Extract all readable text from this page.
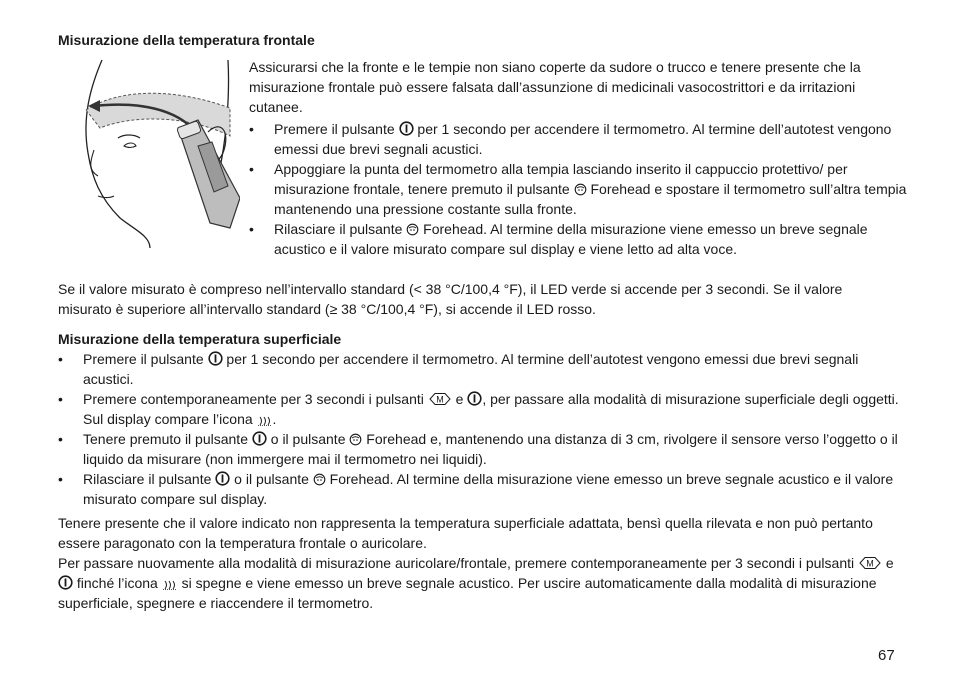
Misurazione della temperatura frontale

Assicurarsi che la fronte e le tempie non siano coperte da sudore o trucco e tenere presente che la misurazione frontale può essere falsata dall’assunzione di medicinali vasocostrittori e da irritazioni cutanee.

•	Premere il pulsante
per 1 secondo per accendere il termometro. Al termine dell’autotest vengono emessi due brevi segnali acustici.
•	Appoggiare la punta del termometro alla tempia lasciando inserito il cappuccio protettivo/ per misurazione frontale, tenere premuto il pulsante
Forehead e spostare il termometro sull’altra tempia mantenendo una pressione costante sulla fronte.
•	Rilasciare il pulsante
Forehead. Al termine della misurazione viene emesso un breve segnale acustico e il valore misurato compare sul display e viene letto ad alta voce.

Se il valore misurato è compreso nell’intervallo standard (< 38 °C/100,4 °F), il LED verde si accende per 3 secondi. Se il valore misurato è superiore all’intervallo standard (≥ 38 °C/100,4 °F), si accende il LED rosso.

Misurazione della temperatura superficiale
•	Premere il pulsante
per 1 secondo per accendere il termometro. Al termine dell’autotest vengono emessi due brevi segnali acustici.
•	Premere contemporaneamente per 3 secondi i pulsanti M e
, per passare alla modalità di misurazione superficiale degli oggetti. Sul display compare l’icona
.
•	Tenere premuto il pulsante
o il pulsante
Forehead e, mantenendo una distanza di 3 cm, rivolgere il sensore verso l’oggetto o il liquido da misurare (non immergere mai il termometro nei liquidi).
•	Rilasciare il pulsante
o il pulsante
Forehead. Al termine della misurazione viene emesso un breve segnale acustico e il valore misurato compare sul display.

Tenere presente che il valore indicato non rappresenta la temperatura superficiale adattata, bensì quella rilevata e non può pertanto essere paragonato con la temperatura frontale o auricolare.

Per passare nuovamente alla modalità di misurazione auricolare/frontale, premere contemporaneamente per 3 secondi i pulsanti M e
finché l’icona
si spegne e viene emesso un breve segnale acustico. Per uscire automaticamente dalla modalità di misurazione superficiale, spegnere e riaccendere il termometro.

67
